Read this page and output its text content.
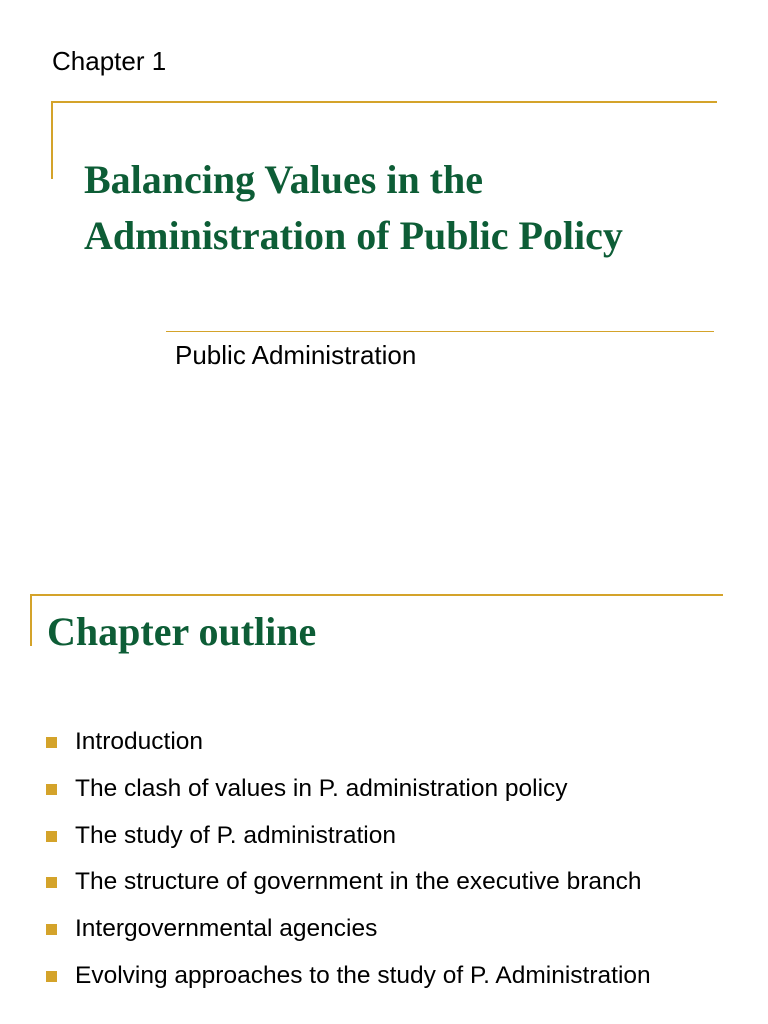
Chapter 1
Balancing Values in the
Administration of Public Policy
Public Administration
Chapter outline
Introduction
The clash of values in P. administration policy
The study of P. administration
The structure of government in the executive branch
Intergovernmental agencies
Evolving approaches to the study of P. Administration
